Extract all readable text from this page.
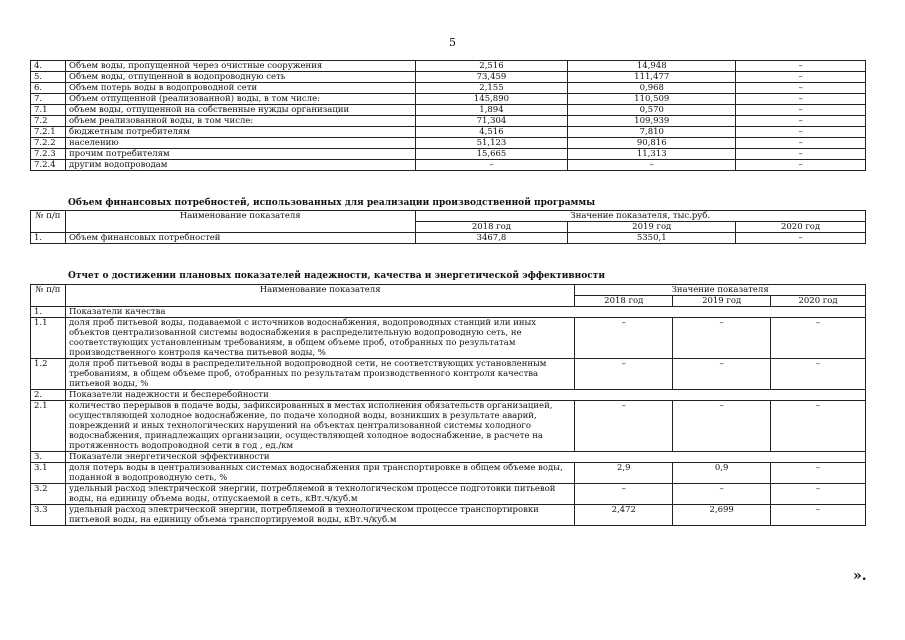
5
4.	Объем воды, пропущенной через очистные сооружения	2,516	14,948	–
5.	Объем воды, отпущенной в водопроводную сеть	73,459	111,477	–
6.	Объем потерь воды в водопроводной сети	2,155	0,968	–
7.	Объем отпущенной (реализованной) воды, в том числе:	145,890	110,509	–
7.1	объем воды, отпущенной на собственные нужды организации	1,894	0,570	–
7.2	объем реализованной воды, в том числе:	71,304	109,939	–
7.2.1	бюджетным потребителям	4,516	7,810	–
7.2.2	населению	51,123	90,816	–
7.2.3	прочим потребителям	15,665	11,313	–
7.2.4	другим водопроводам	–	–	–
Объем финансовых потребностей, использованных для реализации производственной программы
№ п/п	Наименование показателя	Значение показателя, тыс.руб.		
		2018 год	2019 год	2020 год
1.	Объем финансовых потребностей	3467,8	5350,1	–
Отчет о достижении плановых показателей надежности, качества и энергетической эффективности
№ п/п	Наименование показателя	Значение показателя		
		2018 год	2019 год	2020 год
1.	Показатели качества			
1.1	доля проб питьевой воды, подаваемой с источников водоснабжения, водопроводных станций или иных объектов централизованной системы водоснабжения в распределительную водопроводную сеть, не соответствующих установленным требованиям, в общем объеме проб, отобранных по результатам производственного контроля качества питьевой воды, %	–	–	–
1.2	доля проб питьевой воды в распределительной водопроводной сети, не соответствующих установленным требованиям, в общем объеме проб, отобранных по результатам производственного контроля качества питьевой воды, %	–	–	–
2.	Показатели надежности и бесперебойности			
2.1	количество перерывов в подаче воды, зафиксированных в местах исполнения обязательств организацией, осуществляющей холодное водоснабжение, по подаче холодной воды, возникших в результате аварий, повреждений и иных технологических нарушений на объектах централизованной системы холодного водоснабжения, принадлежащих организации, осуществляющей холодное водоснабжение, в расчете на протяженность водопроводной сети в год , ед./км	–	–	–
3.	Показатели энергетической эффективности			
3.1	доля потерь воды в централизованных системах водоснабжения при транспортировке в общем объеме воды, поданной в водопроводную сеть, %	2,9	0,9	–
3.2	удельный расход электрической энергии, потребляемой в технологическом процессе подготовки питьевой воды, на единицу объема воды, отпускаемой в сеть, кВт.ч/куб.м	–	–	–
3.3	удельный расход электрической энергии, потребляемой в технологическом процессе транспортировки питьевой воды, на единицу объема транспортируемой воды, кВт.ч/куб.м	2,472	2,699	–
».
